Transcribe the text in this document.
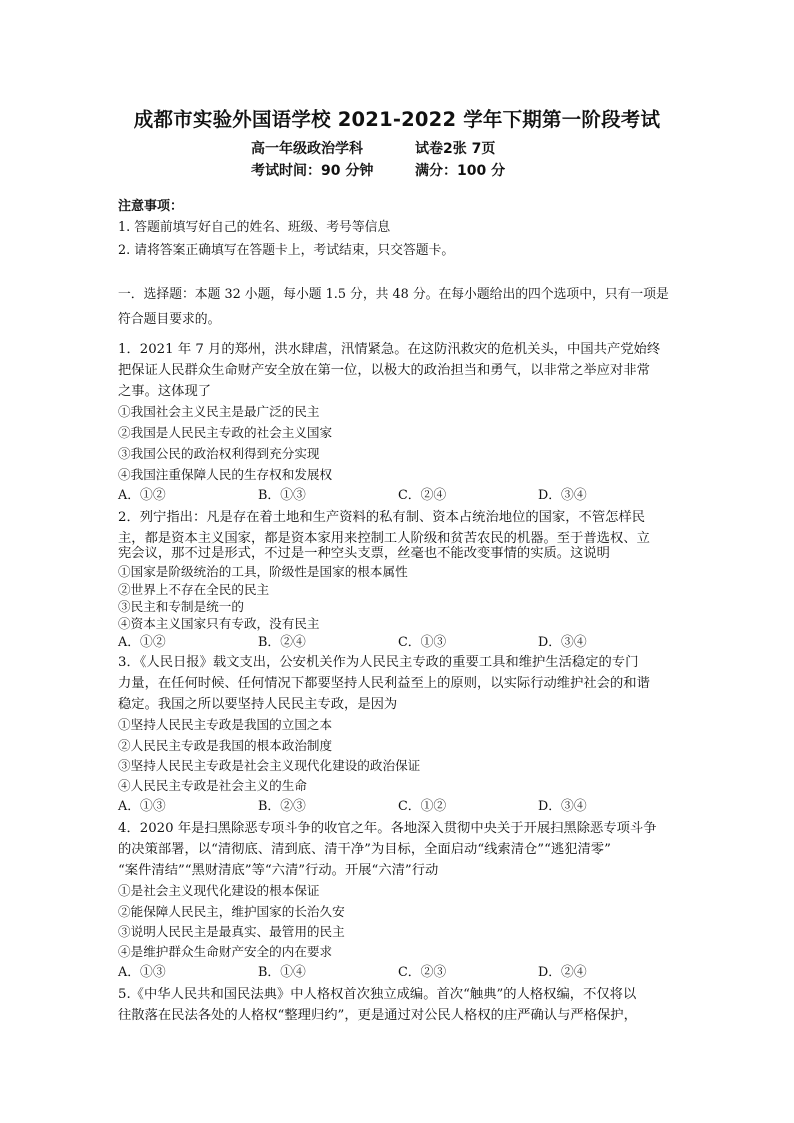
成都市实验外国语学校 2021-2022 学年下期第一阶段考试
高一年级政治学科	试卷2张 7页
考试时间：90 分钟	满分：100 分
注意事项：
1. 答题前填写好自己的姓名、班级、考号等信息
2. 请将答案正确填写在答题卡上，考试结束，只交答题卡。
一．选择题：本题 32 小题，每小题 1.5 分，共 48 分。在每小题给出的四个选项中，只有一项是
符合题目要求的。
1．2021 年 7 月的郑州，洪水肆虐，汛情紧急。在这防汛救灾的危机关头，中国共产党始终
把保证人民群众生命财产安全放在第一位，以极大的政治担当和勇气，以非常之举应对非常
之事。这体现了
①我国社会主义民主是最广泛的民主
②我国是人民民主专政的社会主义国家
③我国公民的政治权利得到充分实现
④我国注重保障人民的生存权和发展权
A．①②	B．①③	C．②④	D．③④
2．列宁指出：凡是存在着土地和生产资料的私有制、资本占统治地位的国家，不管怎样民
主，都是资本主义国家，都是资本家用来控制工人阶级和贫苦农民的机器。至于普选权、立
宪会议，那不过是形式，不过是一种空头支票，丝毫也不能改变事情的实质。这说明
①国家是阶级统治的工具，阶级性是国家的根本属性
②世界上不存在全民的民主
③民主和专制是统一的
④资本主义国家只有专政，没有民主
A．①②	B．②④	C．①③	D．③④
3．《人民日报》载文支出，公安机关作为人民民主专政的重要工具和维护生活稳定的专门
力量，在任何时候、任何情况下都要坚持人民利益至上的原则，以实际行动维护社会的和谐
稳定。我国之所以要坚持人民民主专政，是因为
①坚持人民民主专政是我国的立国之本
②人民民主专政是我国的根本政治制度
③坚持人民民主专政是社会主义现代化建设的政治保证
④人民民主专政是社会主义的生命
A．①③	B．②③	C．①②	D．③④
4．2020 年是扫黑除恶专项斗争的收官之年。各地深入贯彻中央关于开展扫黑除恶专项斗争
的决策部署，以“清彻底、清到底、清干净”为目标，全面启动“线索清仓”“逃犯清零”
“案件清结”“黑财清底”等“六清”行动。开展“六清”行动
①是社会主义现代化建设的根本保证
②能保障人民民主，维护国家的长治久安
③说明人民民主是最真实、最管用的民主
④是维护群众生命财产安全的内在要求
A．①③	B．①④	C．②③	D．②④
5.《中华人民共和国民法典》中人格权首次独立成编。首次“触典”的人格权编，不仅将以
往散落在民法各处的人格权“整理归约”，更是通过对公民人格权的庄严确认与严格保护，
